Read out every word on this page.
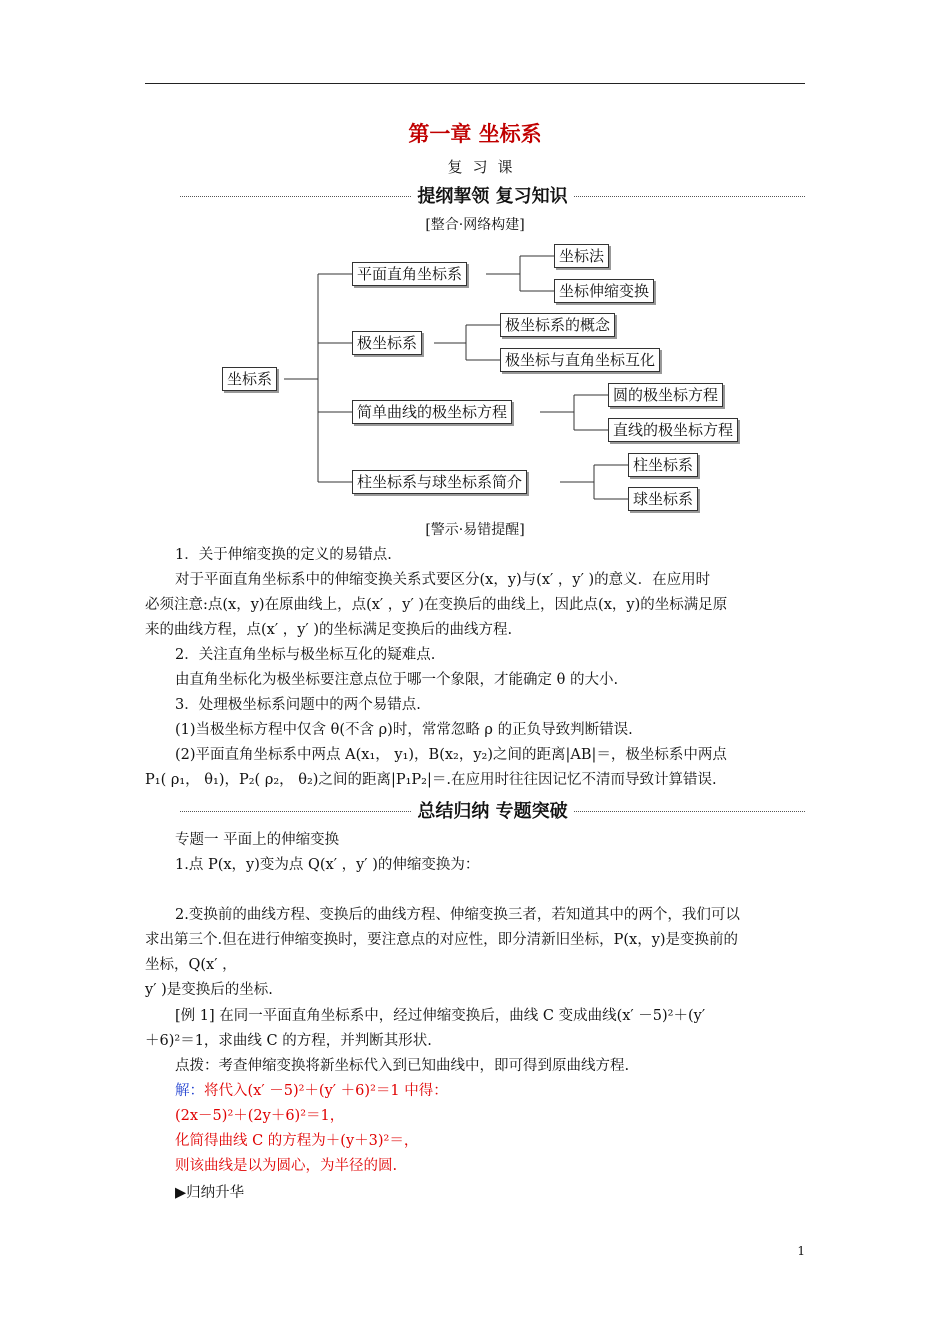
第一章 坐标系
复习课
提纲挈领 复习知识
[整合·网络构建]
坐标系
平面直角坐标系
坐标法
坐标伸缩变换
极坐标系
极坐标系的概念
极坐标与直角坐标互化
简单曲线的极坐标方程
圆的极坐标方程
直线的极坐标方程
柱坐标系与球坐标系简介
柱坐标系
球坐标系
[警示·易错提醒]
1．关于伸缩变换的定义的易错点.
对于平面直角坐标系中的伸缩变换关系式要区分(x，y)与(x′ ，y′ )的意义．在应用时
必须注意:点(x，y)在原曲线上，点(x′ ，y′ )在变换后的曲线上，因此点(x，y)的坐标满足原
来的曲线方程，点(x′ ，y′ )的坐标满足变换后的曲线方程.
2．关注直角坐标与极坐标互化的疑难点.
由直角坐标化为极坐标要注意点位于哪一个象限，才能确定 θ 的大小.
3．处理极坐标系问题中的两个易错点.
(1)当极坐标方程中仅含 θ(不含 ρ)时，常常忽略 ρ 的正负导致判断错误.
(2)平面直角坐标系中两点 A(x₁， y₁)，B(x₂，y₂)之间的距离|AB|＝，极坐标系中两点
P₁( ρ₁， θ₁)，P₂( ρ₂， θ₂)之间的距离|P₁P₂|＝.在应用时往往因记忆不清而导致计算错误.
总结归纳 专题突破
专题一 平面上的伸缩变换
1.点 P(x，y)变为点 Q(x′ ，y′ )的伸缩变换为：
2.变换前的曲线方程、变换后的曲线方程、伸缩变换三者，若知道其中的两个，我们可以
求出第三个.但在进行伸缩变换时，要注意点的对应性，即分清新旧坐标，P(x，y)是变换前的
坐标，Q(x′ ，
y′ )是变换后的坐标.
[例 1] 在同一平面直角坐标系中，经过伸缩变换后，曲线 C 变成曲线(x′ －5)²＋(y′
＋6)²＝1，求曲线 C 的方程，并判断其形状.
点拨：考查伸缩变换将新坐标代入到已知曲线中，即可得到原曲线方程.
解：将代入(x′ －5)²＋(y′ ＋6)²＝1 中得：
(2x－5)²＋(2y＋6)²＝1，
化简得曲线 C 的方程为＋(y＋3)²＝，
则该曲线是以为圆心，为半径的圆.
▶归纳升华
1
